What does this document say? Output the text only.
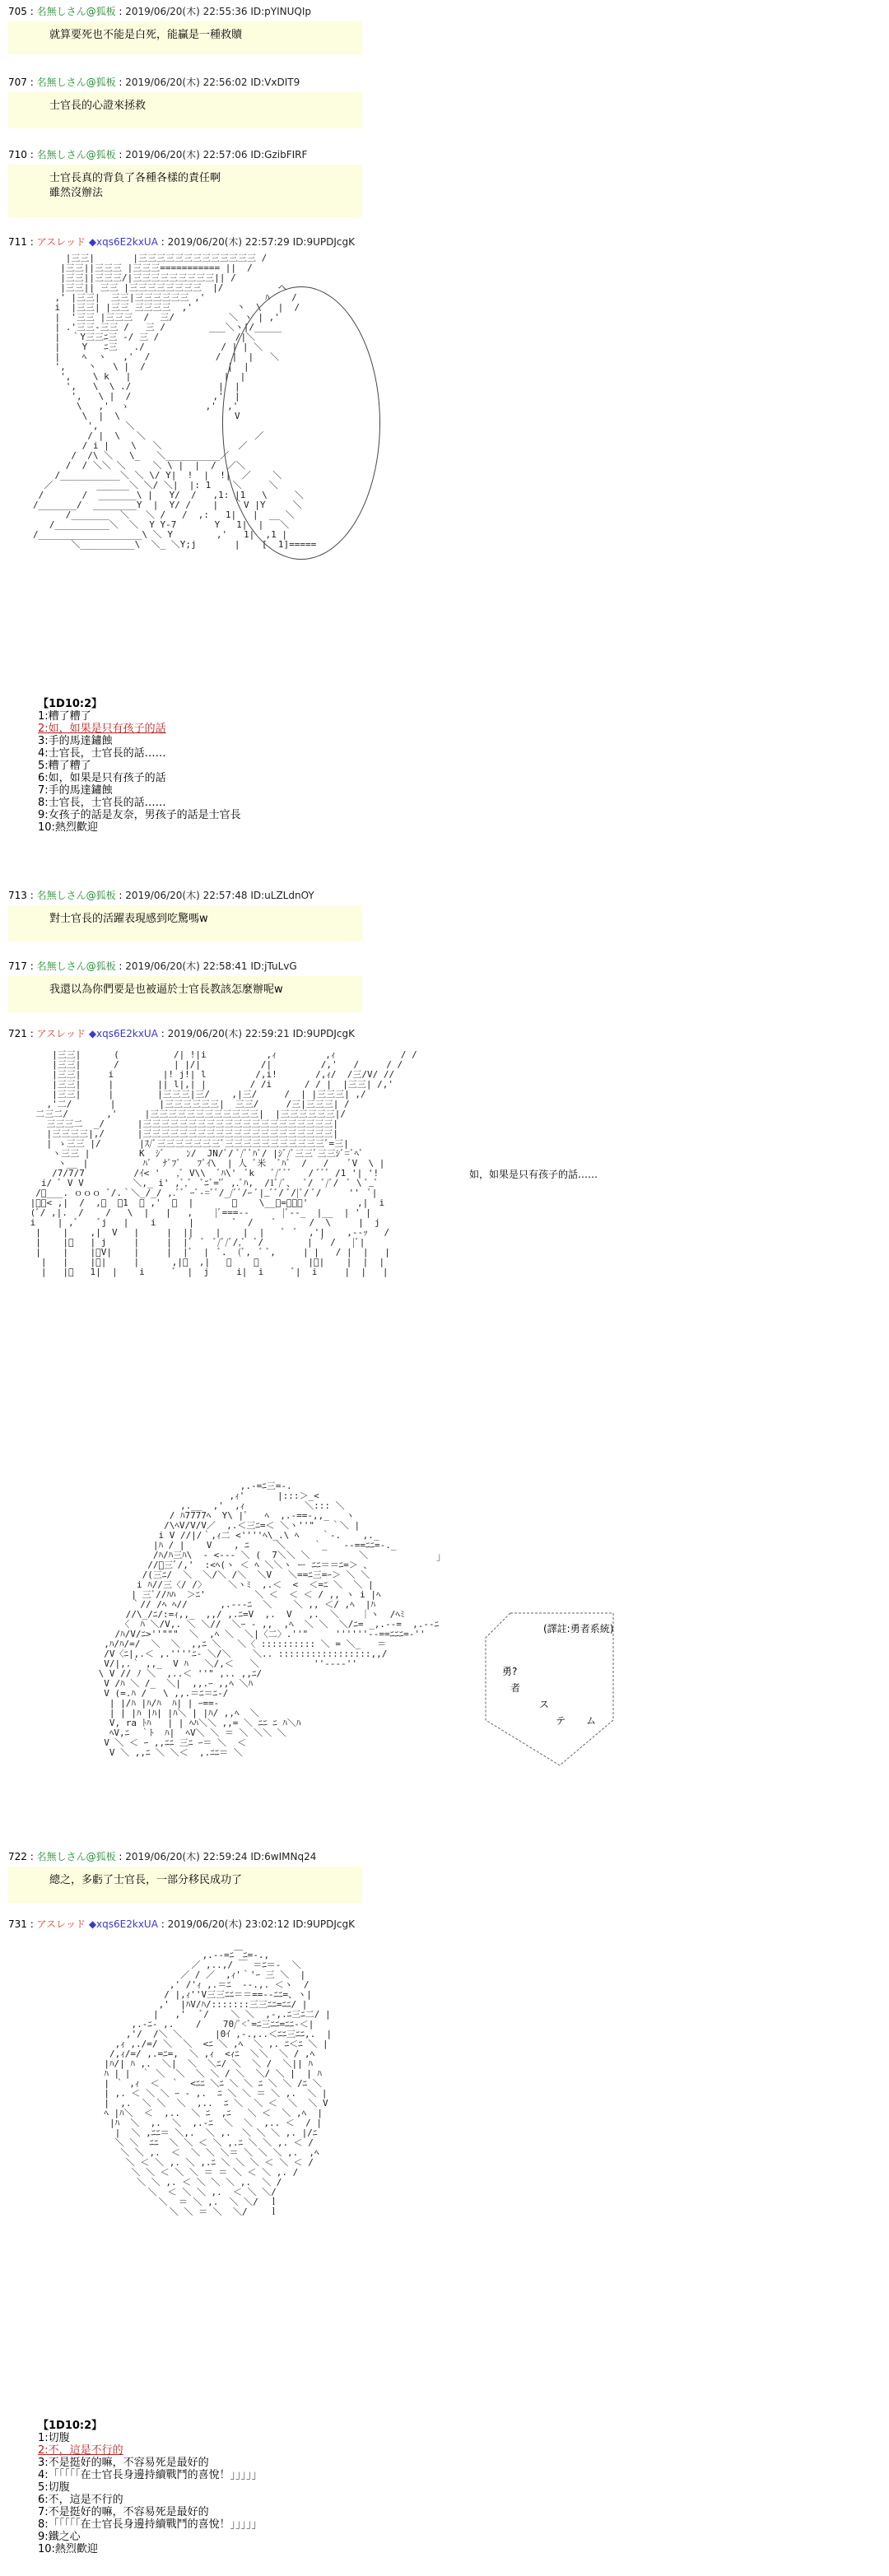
705 : 名無しさん@狐板 : 2019/06/20(木) 22:55:36 ID:pYINUQIp
就算要死也不能是白死，能贏是一種救贖
707 : 名無しさん@狐板 : 2019/06/20(木) 22:56:02 ID:VxDIT9
士官長的心證來拯救
710 : 名無しさん@狐板 : 2019/06/20(木) 22:57:06 ID:GzibFIRF
士官長真的背負了各種各樣的責任啊
雖然沒辦法
711 : アスレッド ◆xqs6E2kxUA : 2019/06/20(木) 22:57:29 ID:9UPDJcgK
|三三|       |三三三三三三三三三三三三三 /
|三三||三三三 |三三三=========== ||  /
|三三||三三三/|三三三三三三三三三|| /
|三三|| 三三 |三三三三三三三三  |/          ヘ
,' |三三|  三三|三三三三三三 ,'           ﾊ    /
i  |三三| |三三 三三三三  ,'        丶  \   |  /
|  '三三 |三三三  /  三/          ＼ ヽ | ,'
| .'三三-三三 /   三 /        ___＼ヽ|/_____
|  ｀Y三三ﾆ三 ‐/ 三 /              /|＼
|    Y   ﾆ三   ./              / | | ＼
|    ﾍ  ヽ   ,'  /            /  |  |   ＼
',    丶   \ |  /               |  |
',    \ k   |                 |  |
',   \  \ ./                |  |
',   \ |  /               ,'  |
\   ,'  ゝ              ,'  ,'
\  |  \                     V
',     ＼
/ |  \   ＼                    ／
/ i |    \   ＼              ／
/  /\ ＼   \_   ＼__________／
/  / ＼＼ ＼     ＼ \ |  |  /  ／＼
/___________＼ ＼ \/ Y|  !  |  !|  ／    ＼
／        ______＼ ＼/ ＼|  |: 1    ＼     ＼
/       /  _______\ |   Y/  /   ,1: |1   \     ＼
/_______/  ________Y  |  Y/ /    |   ｀V |Y     ＼
/_______  ＼   ＼ /   /  ,:   1|   |  __ ＼
/__________＼  ＼  Y Y-7       Y   1|  |   ＼
/___________________\ ＼ Y        ,'   1|  ,1 |
＼__________\  ＼_ ＼Y;j       |    [  1]=====
【1D10:2】
1:糟了糟了
2:如，如果是只有孩子的話
3:手的馬達鏽蝕
4:士官長，士官長的話……
5:糟了糟了
6:如，如果是只有孩子的話
7:手的馬達鏽蝕
8:士官長，士官長的話……
9:女孩子的話是友奈，男孩子的話是士官長
10:熱烈歡迎
713 : 名無しさん@狐板 : 2019/06/20(木) 22:57:48 ID:uLZLdnOY
對士官長的活躍表現感到吃驚嗎w
717 : 名無しさん@狐板 : 2019/06/20(木) 22:58:41 ID:jTuLvG
我還以為你們要是也被逼於士官長教該怎麼辦呢w
721 : アスレッド ◆xqs6E2kxUA : 2019/06/20(木) 22:59:21 ID:9UPDJcgK
|三三|      (          /| !|i           ,ｨ         ,ｨ            / /
|三三|      /          | |/|           /|         /,'   /     / /
|三三|     i         |! j!| l         /,i!       /,ｨ/  /三/V/ //
|三三|     |        || l|,| |        / /i      / / |  |三三| /,'
|三三|     |        |三三三|三/    ,|三/     /  | |三三三| ,/
,'二/       |        |三三三三三三|  三三/     /三|三三三| /
二三二/       ,'     |三三三三三三三三三三三三|  |三三三三三三|/
三三三二  _/      |三三三三三三三三三三三三三三三三三三三三三|
|三三三三|,/      |三三三三三三三三三三三三三三三三三三三三三|
| ゝ三三 |/       |ｽ/ﾞ三三三三三三三ﾞ三三三三三三三三三三三ﾞ=三|
ヽ三三 |         K  ｼﾞ    ﾝ/  JN/ﾞ/ ﾞ/ﾞﾞﾊﾞ/ |ｼﾞ/ﾞ三三ﾞ三三ｼﾞ=ﾞﾍﾞ
ヽ__ |          ﾊﾞ  ﾅﾞﾌﾞ   ﾌﾞｲ\  | 人 ﾞ米  ﾞﾊﾞ  /   /    ﾞV  \ |
/7/7/7         /ｲ< '   ,ﾞ V\\  ﾞﾊ\'  ﾞk   ﾞ/ﾞﾞﾞ   / ﾞﾞﾞ /1 '| '!
i/ ﾞ V V         ＼,_ i' ,ﾞ,ﾞ  ﾞﾆﾞ='ﾞ ,.ﾞﾊ,  /1ﾞ/ﾞ、  ﾞ/  ﾞ/ﾞ/  ﾞ \ ﾞ_ﾞ
/ﾞ___. ｏｏｏ ﾞ/.｀＼_/_/ ,.ﾞﾞ ｰﾞ‐=ﾞﾞ/_/ﾞﾞ/ｰ ﾞ|_ﾞﾞ/ ﾞ/|ﾞ/ ﾞ/     ''  ﾞ|
|ﾞﾞ< ,|  /  ,ﾞ  ﾞ1  ＼ ,'  ﾞ  |       ﾞ    \__ﾞ=ﾞﾞﾞ'         ,|  i
(ﾞ/ ,|.  /    /   \  |   |   ,    |ﾞ===‐-      |ﾞ‐-_  |__  | ' |
i    | ,ﾞ    ﾞj   |    i      |       ﾞ  /    ﾞ      /  \     |  j
|    |    ,|  V   |     |  ||    |    |  |   ﾞ  ﾞ  ,'|    ,-‐ｯ   /
|    |ﾞ   | j     |     |  |ﾞ  ﾞ  ﾞ/ﾞ/ﾞ/,ﾞ  ﾞ/        |  ﾞ /   |ﾞ|
|    |    |ﾞV|    |     |  |ﾞ  |  ﾞ.  (ﾞ,  ﾞ ﾞ,     | |   / |  |   |
|   |    |ﾞ|     |      ,|ﾞ  ,|   ﾞ    ﾞ         |ﾞ|    |  |  |
|   |ﾞ   1|  |    i     ﾞ  |  j     i|  i     ﾞ|  i     |  |   |
如，如果是只有孩子的話……
,.‐=ﾆ三=‐.
,ｨ'      |:::＞_<
,.__  ,'  ,ｨ           ＼::: ＼
/ ﾊ7777ﾍ  Y\ |ﾟ   ﾍ  ,.-==‐,,_   ヽ
/\ﾍV/V/V／  ,.＜三ﾆ=＜ ＼ヽ''"   ｀＼ |
i V //|/｀,ｨ二 <''''ﾍ\_.\ ﾍ    ｀‐.    ,._
|ﾊ / |    V    , ﾆ     ＼     ｀_   -‐==ﾆﾆ=‐._
/ﾊ/ﾊ三ﾊ\  - <-‐- ＼ (  7＼＼ ＼         ＼
//ﾞ三ﾞ/,'  :<ﾍ(ヽ ＜ ﾍ ＼＼ヽ ー ﾆﾆ＝＝ﾆ=＞ 、
/(三ﾆ/  ＼  ＼/＼ /＼  ＼V   ＼==ﾆ三=ｰ＞ ＼ ＼
i ﾊ//三〈/ /〉    ＼ヽﾐ  ,.＜  <  ＜=ﾆ ＼  ＼ |
| 三ﾞ//ﾊﾊ  ＞ﾆ'         ＼ ＜  ＜ ＜ / ,, ヽ i |ﾍ
｀// /ﾍ ﾍ//      ,.‐-‐ﾆ  ＼    ＼ ,, ＜/ ,ﾍ  |ﾊ
//\_/ﾆ/:=ｨ,,_  ,,/ ,.ﾆ=V  ,.  V   ,.  ＼    ｜ヽ  /ﾍﾐ
〈  ﾊ ＼/V,. ＼ ＼//  ＼ｰ ‐ ,,  ,ﾍ  ＼ ＼  ＼/ﾆ= _,.-‐=  ,.-‐ﾆ
/ﾊ/V/ﾆ>''"""  ＼  ,ﾍ ＼  ＼|〈二〉.''"     ''''''‐-==ﾆﾆﾆ=‐''
,ﾊ/ﾊ/=/  ＼  ＼  ,,ﾆ ＼   ＼〈 :::::::::: ＼ = ＼_   ＝
/V〈ﾆ|,.＜ ,.''''ﾆ‐ ＼/＼    ＼.. :::::::::::::::::,,/
V/|,.｀ ,,_  V ﾊ   ＼/,＜   ＼          ''‐--‐''
\ V // ﾉ ＼  ,..＜ ''" ,.. ,,ﾆ/
V /ﾊ ＼ /_  ＼|  ,,.ｰ ,,ﾍ ＼ﾊ
V (=.ﾊ /   \ ,,.＝ﾆ＝ﾆ‐/
| |/ﾊ |ﾊ/ﾊ  ﾊ| | ｰ==‐
| | |ﾊ |ﾊ| |ﾊ＼ | |ﾊ/ ,,ﾍ  ＼
V, ra ﾄﾊ   | | ﾍﾊ＼＼ ,,= ＼ ﾆﾆ ﾆ ﾊ＼ﾊ
ﾍV,ﾆ  ｀ﾄ  ﾊ|  ﾍV＼ ＼ ＝ ＼ ＼＼ ＼
V ＼ ＜ ｰ ,,ﾆﾆ 三ﾆ ｰ＝ ＼  ＜
V ＼ ,,ﾆ ＼ ＼＜  ,.ﾆﾆ＝ ＼
」
(譯註:勇者系統)
勇?
者
ス
テ ム
722 : 名無しさん@狐板 : 2019/06/20(木) 22:59:24 ID:6wIMNq24
總之，多虧了士官長，一部分移民成功了
731 : アスレッド ◆xqs6E2kxUA : 2019/06/20(木) 23:02:12 ID:9UPDJcgK
,.-‐=ﾆ￣ﾆ=-.,
／ ,..,/ ￣ ＝ﾆ＝-  ＼
／ / ／  ,ｨ'｀'ｰ 三 ＼  |
,' /'ｨ ,.＝ﾆ  -‐.,. ＜ヽ  /
/ |,ｨ''V三三ﾆﾆ＝＝==--ﾆﾆ=、ヽ|
,'  |ﾊV/ﾊ/:::::::三三ﾆﾆ=ﾆﾆ/ |
|   ,'   ﾞ/    ＼ ＼  ,-,.ﾆ三ﾆ二/ |
,.-ﾆ‐ ,.    /    70/ﾟ<ﾞ=ﾆ三ﾆﾆ=ﾆﾆ-＜|
,'/  /＼ ＼      |0ｲ ,-.,..＜ﾆﾆ三ﾆﾆ,.  |
,ｨ ,./=/ ＼  ＼  <ﾆ ＼ ,ﾍ  ＼ ,. ﾆ＜ﾆ ＼ |
/,ｨ/=/ ,.=ﾆ=,  ＼ ,ｨ  <ｨﾆ  ＼＼  ＼ / ,ﾍ
|ﾊ/| ﾊ ,.  ＼|  ＼  ＼ﾆ/ ＼  ＼ /  ＼|| ﾊ
ﾊ | |  ｀ ＼  ＼  ＼ ＼ / ＼  ＼/ ＼ |  | ﾊ
| ｀ ,ｨ  ＜  ｀  <ﾆﾆ ＼ﾆ ＼ ＼ ﾆ ＼ ＼ /ﾆ ＼
| ,. ＜ ＼ ＼ ｰ ‐ ,.  ﾆ ＼ ＼ ＝ ＼ ,.  ＼ |
|  ,.  ＼ ＼  ＼  ,..  ﾆ ＼  ＼ ＜  ＼  ＼ V
ﾍ |ﾊ＼  ＜  ,..  ＼ ﾆ  ,ﾆ   ＼ ＜  ＼ ,ﾍ  |
|ﾊ  ＼  ,.  ＼  ,.-ﾆ  ＼  ＼  ,.. ＜  / |
|  ＼ ,ﾆﾆ＝ ＼,.  ＼ ,.  ＼ ＼ ＼ ,. |/ﾆ
＼ ＼  ﾆﾆ  ＼ ＼ ＜ ＼ ,.ﾆ ＼ ＼ ,. ＜ /
＼ ＼ ,.  ＜  ＼ ＼ ＼＝ ＼ ＼ ＼ ,.  ,ﾍ
＼ ＜ ＼ ,. ＼ ,.ﾆ ＼ ＼ ＼ ＜ ＼ ＜ /
＼ ＼ ＜ ＼ ＼ ＝ ＝ ＼ ＜ ＼ ,. /
＼ ＼ ,. ＜ ＼ ＼ ＼ ,.  ＼ /
＼  ＜ ＼ ＼ ,.  ＜ ＼ ＼/
＼  ＝ ＼ ,.  ＼ ＼/  ｌ
＼ ＼ ＝ ＼  ＼/    ｌ
【1D10:2】
1:切腹
2:不，這是不行的
3:不是挺好的嘛，不容易死是最好的
4:「「「「「在士官長身邊持續戰鬥的喜悅！」」」」」
5:切腹
6:不，這是不行的
7:不是挺好的嘛，不容易死是最好的
8:「「「「「在士官長身邊持續戰鬥的喜悅！」」」」」
9:鐵之心
10:熱烈歡迎
